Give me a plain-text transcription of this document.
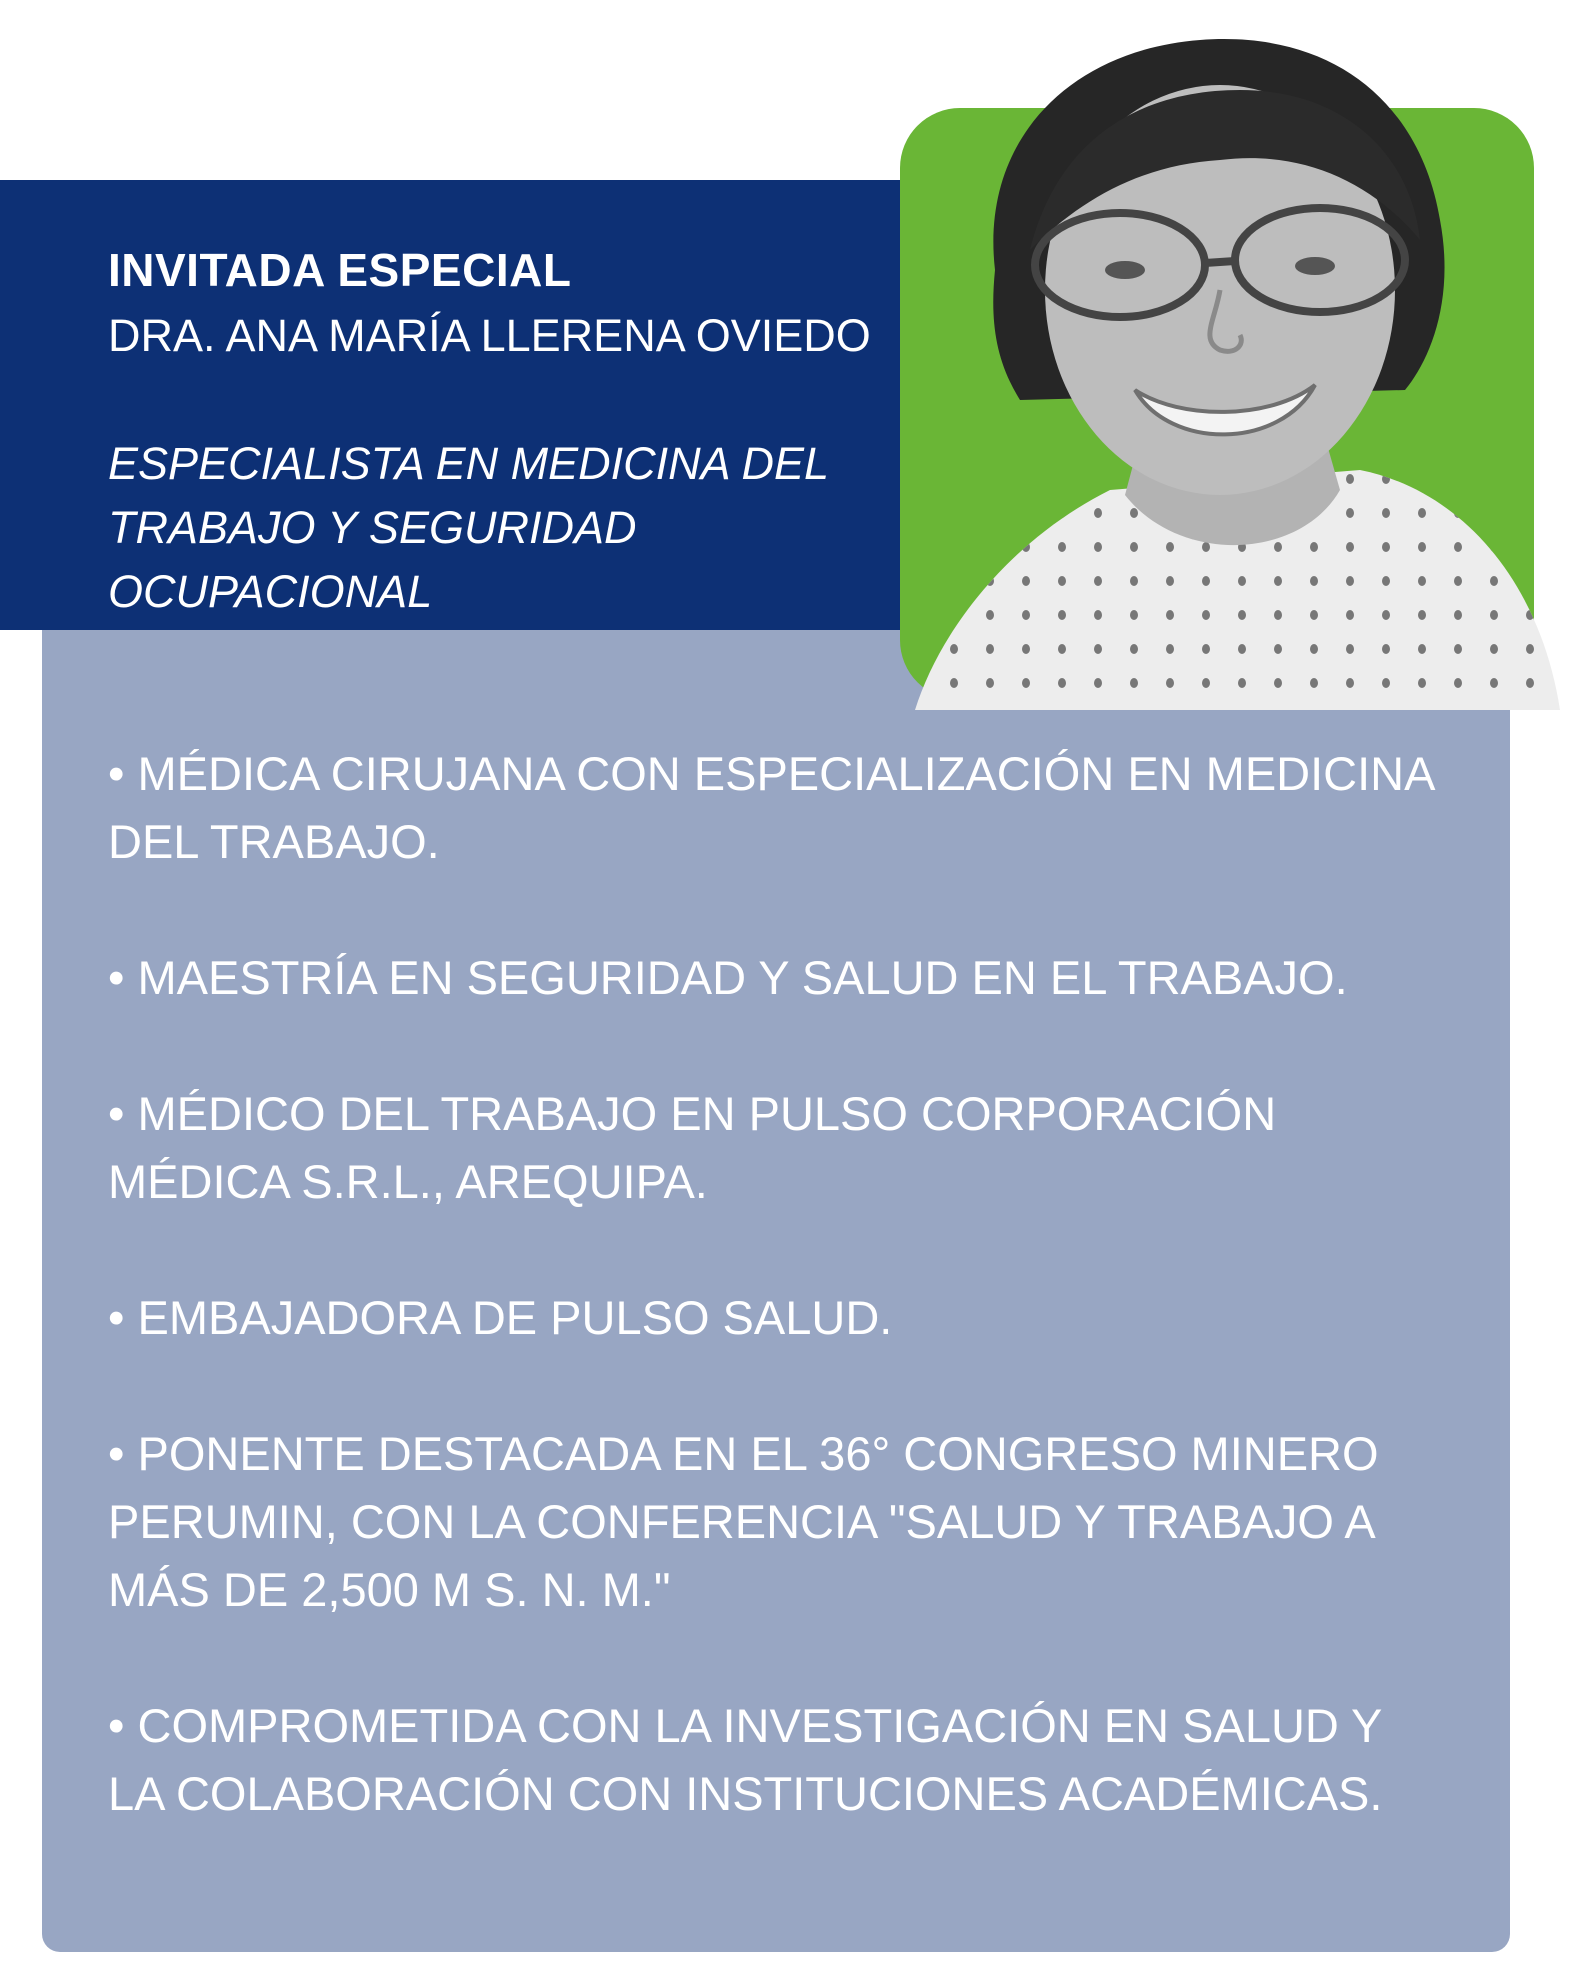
INVITADA ESPECIAL
DRA. ANA MARÍA LLERENA OVIEDO
ESPECIALISTA EN MEDICINA DEL
TRABAJO Y SEGURIDAD OCUPACIONAL
• MÉDICA CIRUJANA CON ESPECIALIZACIÓN EN MEDICINA DEL TRABAJO.
• MAESTRÍA EN SEGURIDAD Y SALUD EN EL TRABAJO.
• MÉDICO DEL TRABAJO EN PULSO CORPORACIÓN MÉDICA S.R.L., AREQUIPA.
• EMBAJADORA DE PULSO SALUD.
• PONENTE DESTACADA EN EL 36° CONGRESO MINERO PERUMIN, CON LA CONFERENCIA "SALUD Y TRABAJO A MÁS DE 2,500 M S. N. M."
• COMPROMETIDA CON LA INVESTIGACIÓN EN SALUD Y LA COLABORACIÓN CON INSTITUCIONES ACADÉMICAS.
